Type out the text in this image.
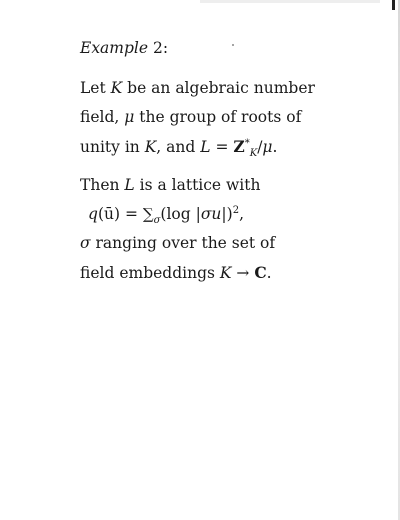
Example 2:

Let K be an algebraic number
field, μ the group of roots of
unity in K, and $L = Z^*_K/\mu$.

Then L is a lattice with

q(ū) = $\sum_\sigma(\log$ |σu|)$^2$,

σ ranging over the set of
field embeddings K → C.
